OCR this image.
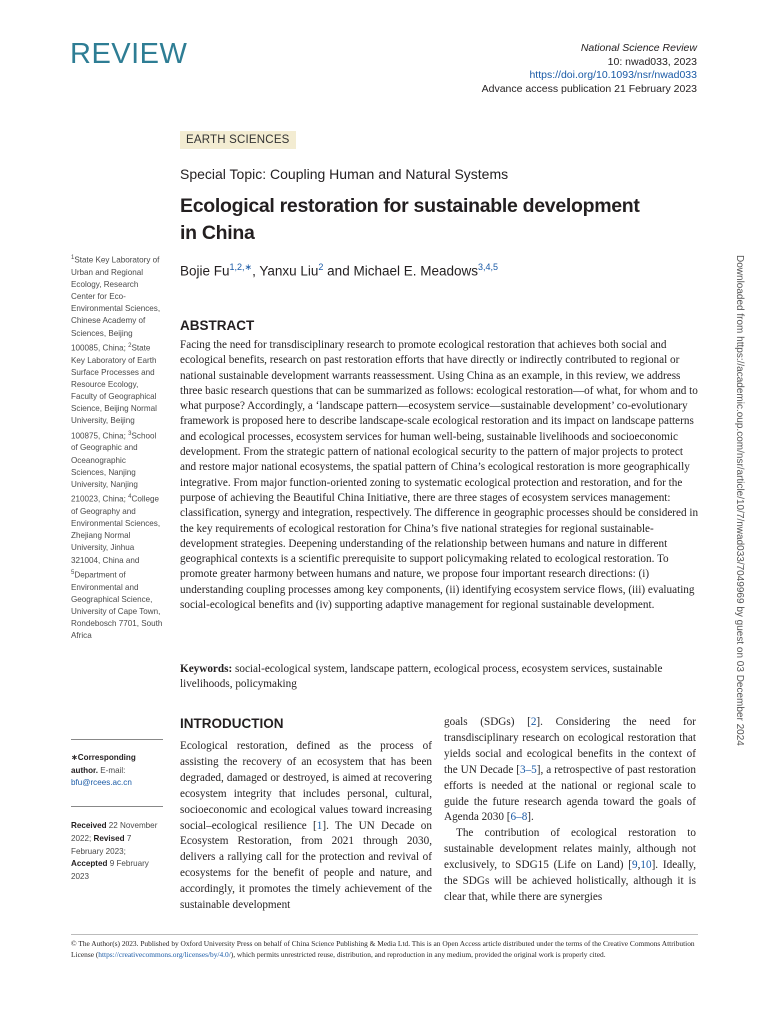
REVIEW	National Science Review
10: nwad033, 2023
https://doi.org/10.1093/nsr/nwad033
Advance access publication 21 February 2023
Downloaded from https://academic.oup.com/nsr/article/10/7/nwad033/7049969 by guest on 03 December 2024
EARTH SCIENCES
Special Topic: Coupling Human and Natural Systems
Ecological restoration for sustainable development
in China
Bojie $Fu^{1,2,∗}$, Yanxu Liu$^2$ and Michael E. Meadows$^{3,4,5}$
$^1$State Key Laboratory of Urban and Regional Ecology, Research Center for Eco-Environmental Sciences, Chinese Academy of Sciences, Beijing 100085, China; $^2$State Key Laboratory of Earth Surface Processes and Resource Ecology, Faculty of Geographical Science, Beijing Normal University, Beijing 100875, China; $^3$School of Geographic and Oceanographic Sciences, Nanjing University, Nanjing 210023, China; $^4$College of Geography and Environmental Sciences, Zhejiang Normal University, Jinhua 321004, China and $^5$Department of Environmental and Geographical Science, University of Cape Town, Rondebosch 7701, South Africa
∗Corresponding author. E-mail:
bfu@rcees.ac.cn
Received 22 November 2022; Revised 7 February 2023; Accepted 9 February 2023
ABSTRACT
Facing the need for transdisciplinary research to promote ecological restoration that achieves both social and ecological benefits, research on past restoration efforts that have directly or indirectly contributed to regional or national sustainable development warrants reassessment. Using China as an example, in this review, we address three basic research questions that can be summarized as follows: ecological restoration—of what, for whom and to what purpose? Accordingly, a ‘landscape pattern—ecosystem service—sustainable development’ co-evolutionary framework is proposed here to describe landscape-scale ecological restoration and its impact on landscape patterns and ecological processes, ecosystem services for human well-being, sustainable livelihoods and socioeconomic development. From the strategic pattern of national ecological security to the pattern of major projects to protect and restore major national ecosystems, the spatial pattern of China’s ecological restoration is more geographically integrative. From major function-oriented zoning to systematic ecological protection and restoration, and for the purpose of achieving the Beautiful China Initiative, there are three stages of ecosystem services management: classification, synergy and integration, respectively. The difference in geographic processes should be considered in the key requirements of ecological restoration for China’s five national strategies for regional sustainable-development strategies. Deepening understanding of the relationship between humans and nature in different geographical contexts is a scientific prerequisite to support policymaking related to ecological restoration. To promote greater harmony between humans and nature, we propose four important research directions: (i) understanding coupling processes among key components, (ii) identifying ecosystem service flows, (iii) evaluating social-ecological benefits and (iv) supporting adaptive management for regional sustainable development.
Keywords: social-ecological system, landscape pattern, ecological process, ecosystem services, sustainable livelihoods, policymaking
INTRODUCTION

Ecological restoration, defined as the process of assisting the recovery of an ecosystem that has been degraded, damaged or destroyed, is aimed at recovering ecosystem integrity that includes personal, cultural, socioeconomic and ecological values toward increasing social–ecological resilience [1]. The UN Decade on Ecosystem Restoration, from 2021 through 2030, delivers a rallying call for the protection and revival of ecosystems for the benefit of people and nature, and accordingly, it promotes the timely achievement of the sustainable development

goals (SDGs) [2]. Considering the need for transdisciplinary research on ecological restoration that yields social and ecological benefits in the context of the UN Decade [3–5], a retrospective of past restoration efforts is needed at the national or regional scale to guide the future research agenda toward the goals of Agenda 2030 [6–8].

The contribution of ecological restoration to sustainable development relates mainly, although not exclusively, to SDG15 (Life on Land) [9,10]. Ideally, the SDGs will be achieved holistically, although it is clear that, while there are synergies

© The Author(s) 2023. Published by Oxford University Press on behalf of China Science Publishing & Media Ltd. This is an Open Access article distributed under the terms of the Creative Commons Attribution License (https://creativecommons.org/licenses/by/4.0/), which permits unrestricted reuse, distribution, and reproduction in any medium, provided the original work is properly cited.
